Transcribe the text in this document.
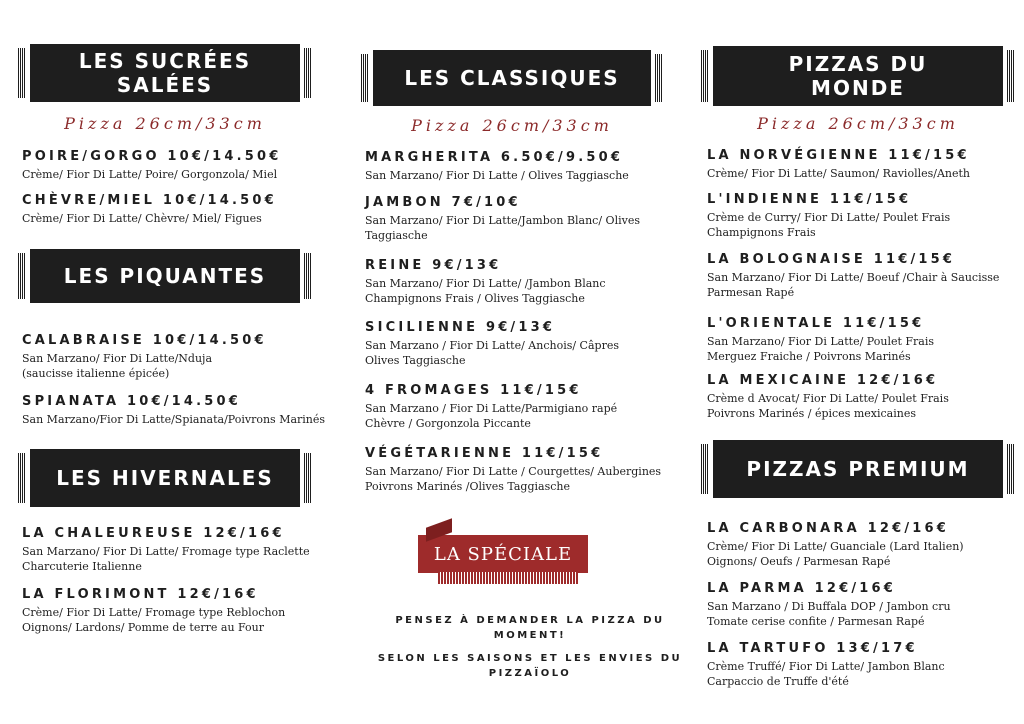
LES SUCRÉES SALÉES
Pizza 26cm/33cm
POIRE/GORGO 10€/14.50€
Crème/ Fior Di Latte/ Poire/ Gorgonzola/ Miel
CHÈVRE/MIEL 10€/14.50€
Crème/ Fior Di Latte/ Chèvre/ Miel/ Figues
LES PIQUANTES
CALABRAISE 10€/14.50€
San Marzano/ Fior Di Latte/Nduja (saucisse italienne épicée)
SPIANATA 10€/14.50€
San Marzano/Fior Di Latte/Spianata/Poivrons Marinés
LES HIVERNALES
LA CHALEUREUSE 12€/16€
San Marzano/ Fior Di Latte/ Fromage type Raclette Charcuterie Italienne
LA FLORIMONT 12€/16€
Crème/ Fior Di Latte/ Fromage type Reblochon Oignons/ Lardons/ Pomme de terre au Four
LES CLASSIQUES
Pizza 26cm/33cm
MARGHERITA 6.50€/9.50€
San Marzano/ Fior Di Latte / Olives Taggiasche
JAMBON 7€/10€
San Marzano/ Fior Di Latte/Jambon Blanc/ Olives Taggiasche
REINE 9€/13€
San Marzano/ Fior Di Latte/ /Jambon Blanc Champignons Frais / Olives Taggiasche
SICILIENNE 9€/13€
San Marzano / Fior Di Latte/ Anchois/ Câpres Olives Taggiasche
4 FROMAGES 11€/15€
San Marzano / Fior Di Latte/Parmigiano rapé Chèvre / Gorgonzola Piccante
VÉGÉTARIENNE 11€/15€
San Marzano/ Fior Di Latte / Courgettes/ Aubergines Poivrons Marinés /Olives Taggiasche
LA SPÉCIALE
PENSEZ À DEMANDER LA PIZZA DU MOMENT!
SELON LES SAISONS ET LES ENVIES DU PIZZAÏOLO
PIZZAS DU MONDE
Pizza 26cm/33cm
LA NORVÉGIENNE 11€/15€
Crème/ Fior Di Latte/ Saumon/ Raviolles/Aneth
L'INDIENNE 11€/15€
Crème de Curry/ Fior Di Latte/ Poulet Frais Champignons Frais
LA BOLOGNAISE 11€/15€
San Marzano/ Fior Di Latte/ Boeuf /Chair à Saucisse Parmesan Rapé
L'ORIENTALE 11€/15€
San Marzano/ Fior Di Latte/ Poulet Frais Merguez Fraiche / Poivrons Marinés
LA MEXICAINE 12€/16€
Crème d Avocat/ Fior Di Latte/ Poulet Frais Poivrons Marinés / épices mexicaines
PIZZAS PREMIUM
LA CARBONARA 12€/16€
Crème/ Fior Di Latte/ Guanciale (Lard Italien) Oignons/ Oeufs / Parmesan Rapé
LA PARMA 12€/16€
San Marzano / Di Buffala DOP / Jambon cru Tomate cerise confite / Parmesan Rapé
LA TARTUFO 13€/17€
Crème Truffé/ Fior Di Latte/ Jambon Blanc Carpaccio de Truffe d'été
